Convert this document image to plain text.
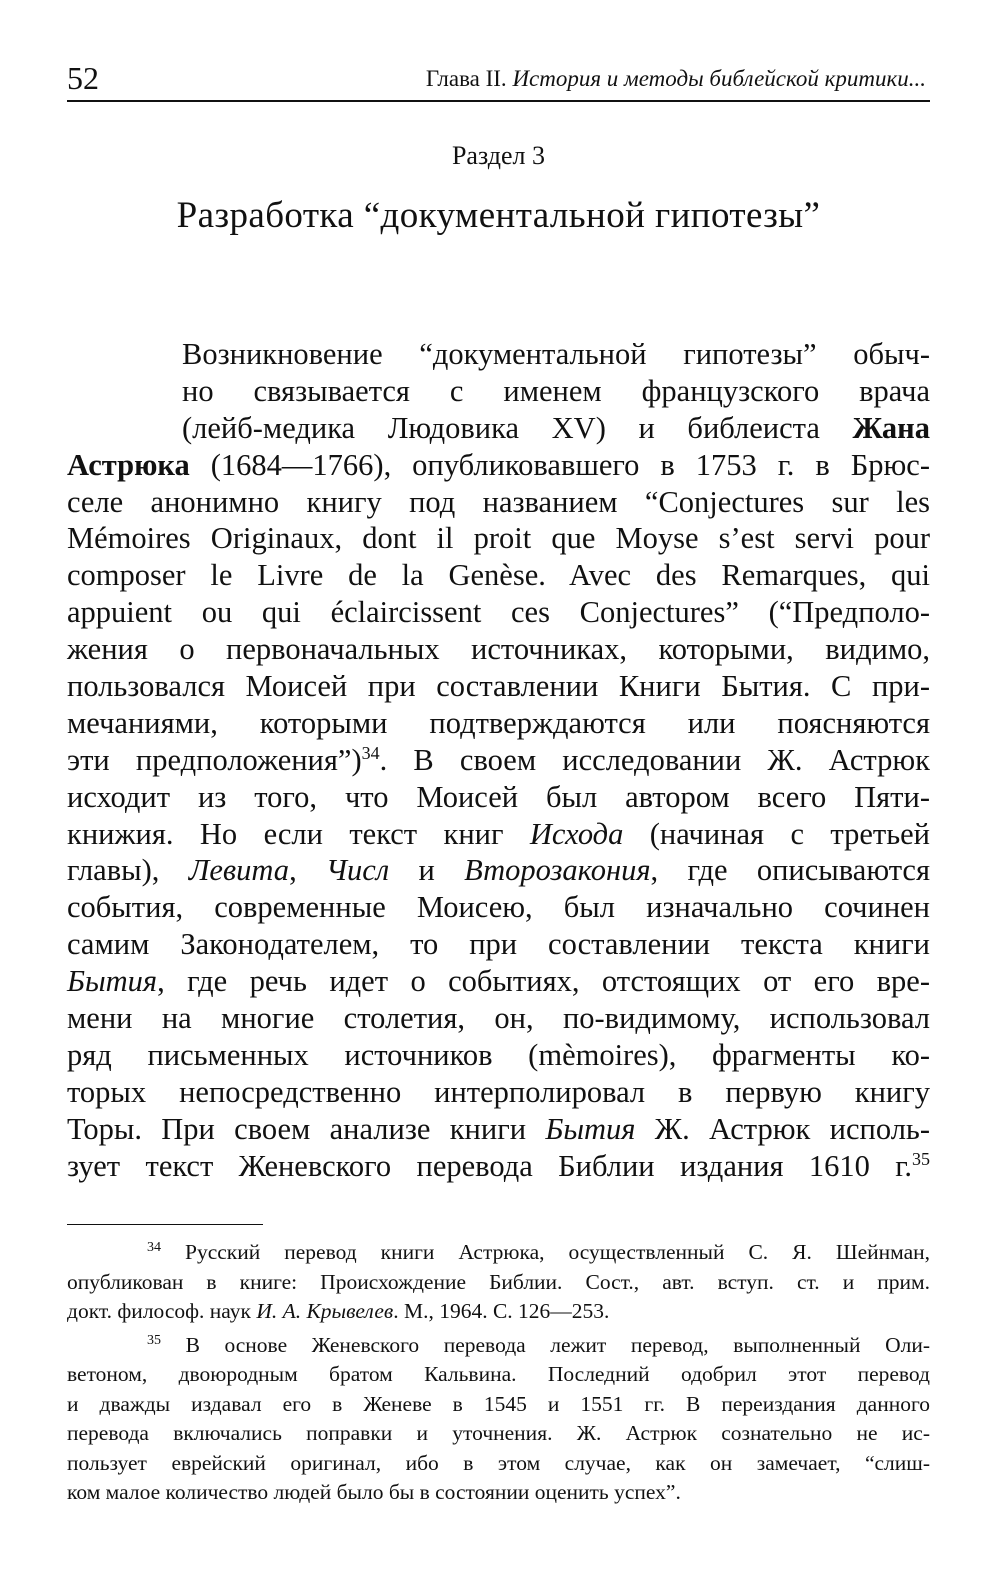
52	Глава II. История и методы библейской критики...
Раздел 3
Разработка “документальной гипотезы”
Возникновение “документальной гипотезы” обыч-
но связывается с именем французского врача
(лейб-медика Людовика XV) и библеиста Жана
Астрюка (1684—1766), опубликовавшего в 1753 г. в Брюс-
селе анонимно книгу под названием “Conjectures sur les
Mémoires Originaux, dont il proit que Moyse s’est servi pour
composer le Livre de la Genèse. Avec des Remarques, qui
appuient ou qui éclaircissent ces Conjectures” (“Предполо-
жения о первоначальных источниках, которыми, видимо,
пользовался Моисей при составлении Книги Бытия. С при-
мечаниями, которыми подтверждаются или поясняются
эти предположения”)$^{34}$. В своем исследовании Ж. Астрюк
исходит из того, что Моисей был автором всего Пяти-
книжия. Но если текст книг Исхода (начиная с третьей
главы), Левита, Числ и Второзакония, где описываются
события, современные Моисею, был изначально сочинен
самим Законодателем, то при составлении текста книги
Бытия, где речь идет о событиях, отстоящих от его вре-
мени на многие столетия, он, по-видимому, использовал
ряд письменных источников (mèmoires), фрагменты ко-
торых непосредственно интерполировал в первую книгу
Торы. При своем анализе книги Бытия Ж. Астрюк исполь-
зует текст Женевского перевода Библии издания 1610 г.$^{35}$
$^{34}$ Русский перевод книги Астрюка, осуществленный С. Я. Шейнман,
опубликован в книге: Происхождение Библии. Сост., авт. вступ. ст. и прим.
докт. философ. наук И. А. Крывелев. М., 1964. С. 126—253.
$^{35}$ В основе Женевского перевода лежит перевод, выполненный Оли-
ветоном, двоюродным братом Кальвина. Последний одобрил этот перевод
и дважды издавал его в Женеве в 1545 и 1551 гг. В переиздания данного
перевода включались поправки и уточнения. Ж. Астрюк сознательно не ис-
пользует еврейский оригинал, ибо в этом случае, как он замечает, “слиш-
ком малое количество людей было бы в состоянии оценить успех”.
